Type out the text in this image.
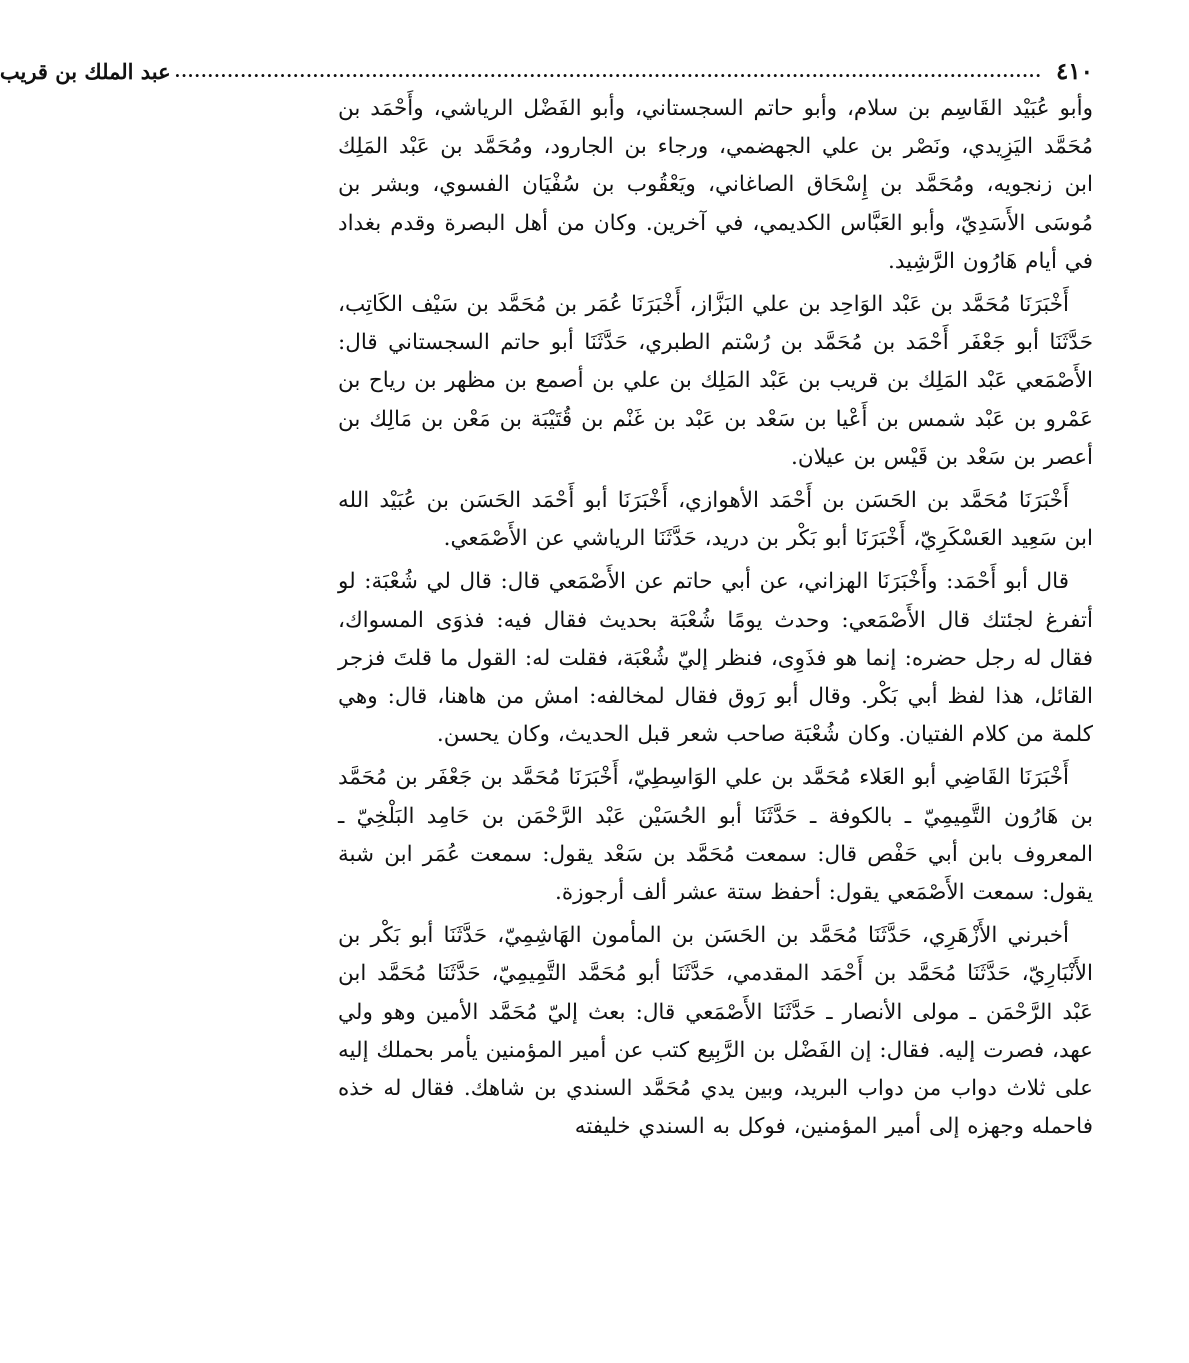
٤١٠
....................................................................................................................................
عبد الملك بن قريب

وأبو عُبَيْد القَاسِم بن سلام، وأبو حاتم السجستاني، وأبو الفَضْل الرياشي، وأَحْمَد بن مُحَمَّد اليَزِيدي، ونَصْر بن علي الجهضمي، ورجاء بن الجارود، ومُحَمَّد بن عَبْد المَلِك ابن زنجويه، ومُحَمَّد بن إِسْحَاق الصاغاني، ويَعْقُوب بن سُفْيَان الفسوي، وبشر بن مُوسَى الأَسَدِيّ، وأبو العَبَّاس الكديمي، في آخرين. وكان من أهل البصرة وقدم بغداد في أيام هَارُون الرَّشِيد.

أَخْبَرَنَا مُحَمَّد بن عَبْد الوَاحِد بن علي البَزَّاز، أَخْبَرَنَا عُمَر بن مُحَمَّد بن سَيْف الكَاتِب، حَدَّثَنَا أبو جَعْفَر أَحْمَد بن مُحَمَّد بن رُسْتم الطبري، حَدَّثَنَا أبو حاتم السجستاني قال: الأَصْمَعي عَبْد المَلِك بن قريب بن عَبْد المَلِك بن علي بن أصمع بن مظهر بن رياح بن عَمْرو بن عَبْد شمس بن أَعْيا بن سَعْد بن عَبْد بن غَنْم بن قُتَيْبَة بن مَعْن بن مَالِك بن أعصر بن سَعْد بن قَيْس بن عيلان.

أَخْبَرَنَا مُحَمَّد بن الحَسَن بن أَحْمَد الأهوازي، أَخْبَرَنَا أبو أَحْمَد الحَسَن بن عُبَيْد الله ابن سَعِيد العَسْكَرِيّ، أَخْبَرَنَا أبو بَكْر بن دريد، حَدَّثَنَا الرياشي عن الأَصْمَعي.

قال أبو أَحْمَد: وأَخْبَرَنَا الهزاني، عن أبي حاتم عن الأَصْمَعي قال: قال لي شُعْبَة: لو أتفرغ لجئتك قال الأَصْمَعي: وحدث يومًا شُعْبَة بحديث فقال فيه: فذوَى المسواك، فقال له رجل حضره: إنما هو فذَوِى، فنظر إليّ شُعْبَة، فقلت له: القول ما قلتَ فزجر القائل، هذا لفظ أبي بَكْر. وقال أبو رَوق فقال لمخالفه: امش من هاهنا، قال: وهي كلمة من كلام الفتيان. وكان شُعْبَة صاحب شعر قبل الحديث، وكان يحسن.

أَخْبَرَنَا القَاضِي أبو العَلاء مُحَمَّد بن علي الوَاسِطِيّ، أَخْبَرَنَا مُحَمَّد بن جَعْفَر بن مُحَمَّد بن هَارُون التَّمِيمِيّ ـ بالكوفة ـ حَدَّثَنَا أبو الحُسَيْن عَبْد الرَّحْمَن بن حَامِد البَلْخِيّ ـ المعروف بابن أبي حَفْص قال: سمعت مُحَمَّد بن سَعْد يقول: سمعت عُمَر ابن شبة يقول: سمعت الأَصْمَعي يقول: أحفظ ستة عشر ألف أرجوزة.

أخبرني الأَزْهَرِي، حَدَّثَنَا مُحَمَّد بن الحَسَن بن المأمون الهَاشِمِيّ، حَدَّثَنَا أبو بَكْر بن الأَنْبَارِيّ، حَدَّثَنَا مُحَمَّد بن أَحْمَد المقدمي، حَدَّثَنَا أبو مُحَمَّد التَّمِيمِيّ، حَدَّثَنَا مُحَمَّد ابن عَبْد الرَّحْمَن ـ مولى الأنصار ـ حَدَّثَنَا الأَصْمَعي قال: بعث إليّ مُحَمَّد الأمين وهو ولي عهد، فصرت إليه. فقال: إن الفَضْل بن الرَّبِيع كتب عن أمير المؤمنين يأمر بحملك إليه على ثلاث دواب من دواب البريد، وبين يدي مُحَمَّد السندي بن شاهك. فقال له خذه فاحمله وجهزه إلى أمير المؤمنين، فوكل به السندي خليفته
